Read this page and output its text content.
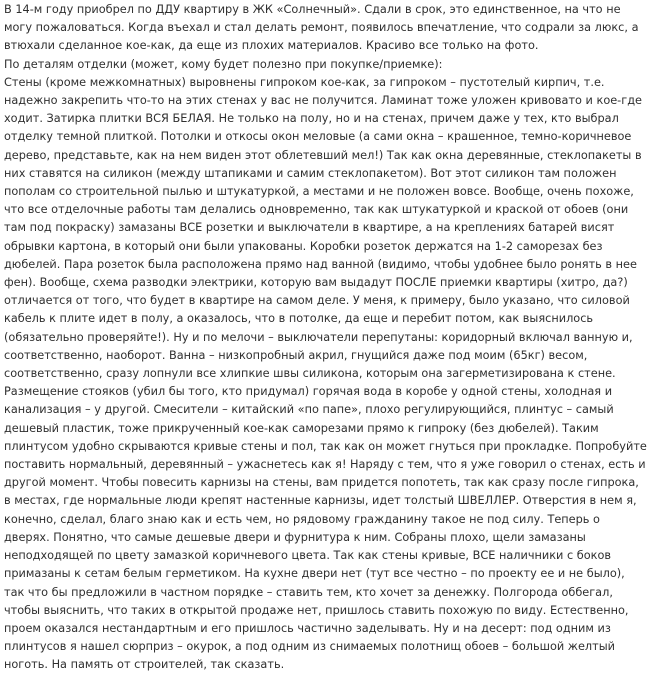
В 14-м году приобрел по ДДУ квартиру в ЖК «Солнечный». Сдали в срок, это единственное, на что не могу пожаловаться. Когда въехал и стал делать ремонт, появилось впечатление, что содрали за люкс, а втюхали сделанное кое-как, да еще из плохих материалов. Красиво все только на фото.

По деталям отделки (может, кому будет полезно при покупке/приемке):

Стены (кроме межкомнатных) выровнены гипроком кое-как, за гипроком – пустотелый кирпич, т.е. надежно закрепить что-то на этих стенах у вас не получится. Ламинат тоже уложен кривовато и кое-где ходит. Затирка плитки ВСЯ БЕЛАЯ. Не только на полу, но и на стенах, причем даже у тех, кто выбрал отделку темной плиткой. Потолки и откосы окон меловые (а сами окна – крашенное, темно-коричневое дерево, представьте, как на нем виден этот облетевший мел!) Так как окна деревянные, стеклопакеты в них ставятся на силикон (между штапиками и самим стеклопакетом). Вот этот силикон там положен пополам со строительной пылью и штукатуркой, а местами и не положен вовсе. Вообще, очень похоже, что все отделочные работы там делались одновременно, так как штукатуркой и краской от обоев (они там под покраску) замазаны ВСЕ розетки и выключатели в квартире, а на креплениях батарей висят обрывки картона, в который они были упакованы. Коробки розеток держатся на 1-2 саморезах без дюбелей. Пара розеток была расположена прямо над ванной (видимо, чтобы удобнее было ронять в нее фен). Вообще, схема разводки электрики, которую вам выдадут ПОСЛЕ приемки квартиры (хитро, да?) отличается от того, что будет в квартире на самом деле. У меня, к примеру, было указано, что силовой кабель к плите идет в полу, а оказалось, что в потолке, да еще и перебит потом, как выяснилось (обязательно проверяйте!). Ну и по мелочи – выключатели перепутаны: коридорный включал ванную и, соответственно, наоборот. Ванна – низкопробный акрил, гнущийся даже под моим (65кг) весом, соответственно, сразу лопнули все хлипкие швы силикона, которым она загерметизирована к стене. Размещение стояков (убил бы того, кто придумал) горячая вода в коробе у одной стены, холодная и канализация – у другой. Смесители – китайский «по папе», плохо регулирующийся, плинтус – самый дешевый пластик, тоже прикрученный кое-как саморезами прямо к гипроку (без дюбелей). Таким плинтусом удобно скрываются кривые стены и пол, так как он может гнуться при прокладке. Попробуйте поставить нормальный, деревянный – ужаснетесь как я! Наряду с тем, что я уже говорил о стенах, есть и другой момент. Чтобы повесить карнизы на стены, вам придется попотеть, так как сразу после гипрока, в местах, где нормальные люди крепят настенные карнизы, идет толстый ШВЕЛЛЕР. Отверстия в нем я, конечно, сделал, благо знаю как и есть чем, но рядовому гражданину такое не под силу. Теперь о дверях. Понятно, что самые дешевые двери и фурнитура к ним. Собраны плохо, щели замазаны неподходящей по цвету замазкой коричневого цвета. Так как стены кривые, ВСЕ наличники с боков примазаны к сетам белым герметиком. На кухне двери нет (тут все честно – по проекту ее и не было), так что бы предложили в частном порядке – ставить тем, кто хочет за денежку. Полгорода оббегал, чтобы выяснить, что таких в открытой продаже нет, пришлось ставить похожую по виду. Естественно, проем оказался нестандартным и его пришлось частично заделывать. Ну и на десерт: под одним из плинтусов я нашел сюрприз – окурок, а под одним из снимаемых полотнищ обоев – большой желтый ноготь. На память от строителей, так сказать.
